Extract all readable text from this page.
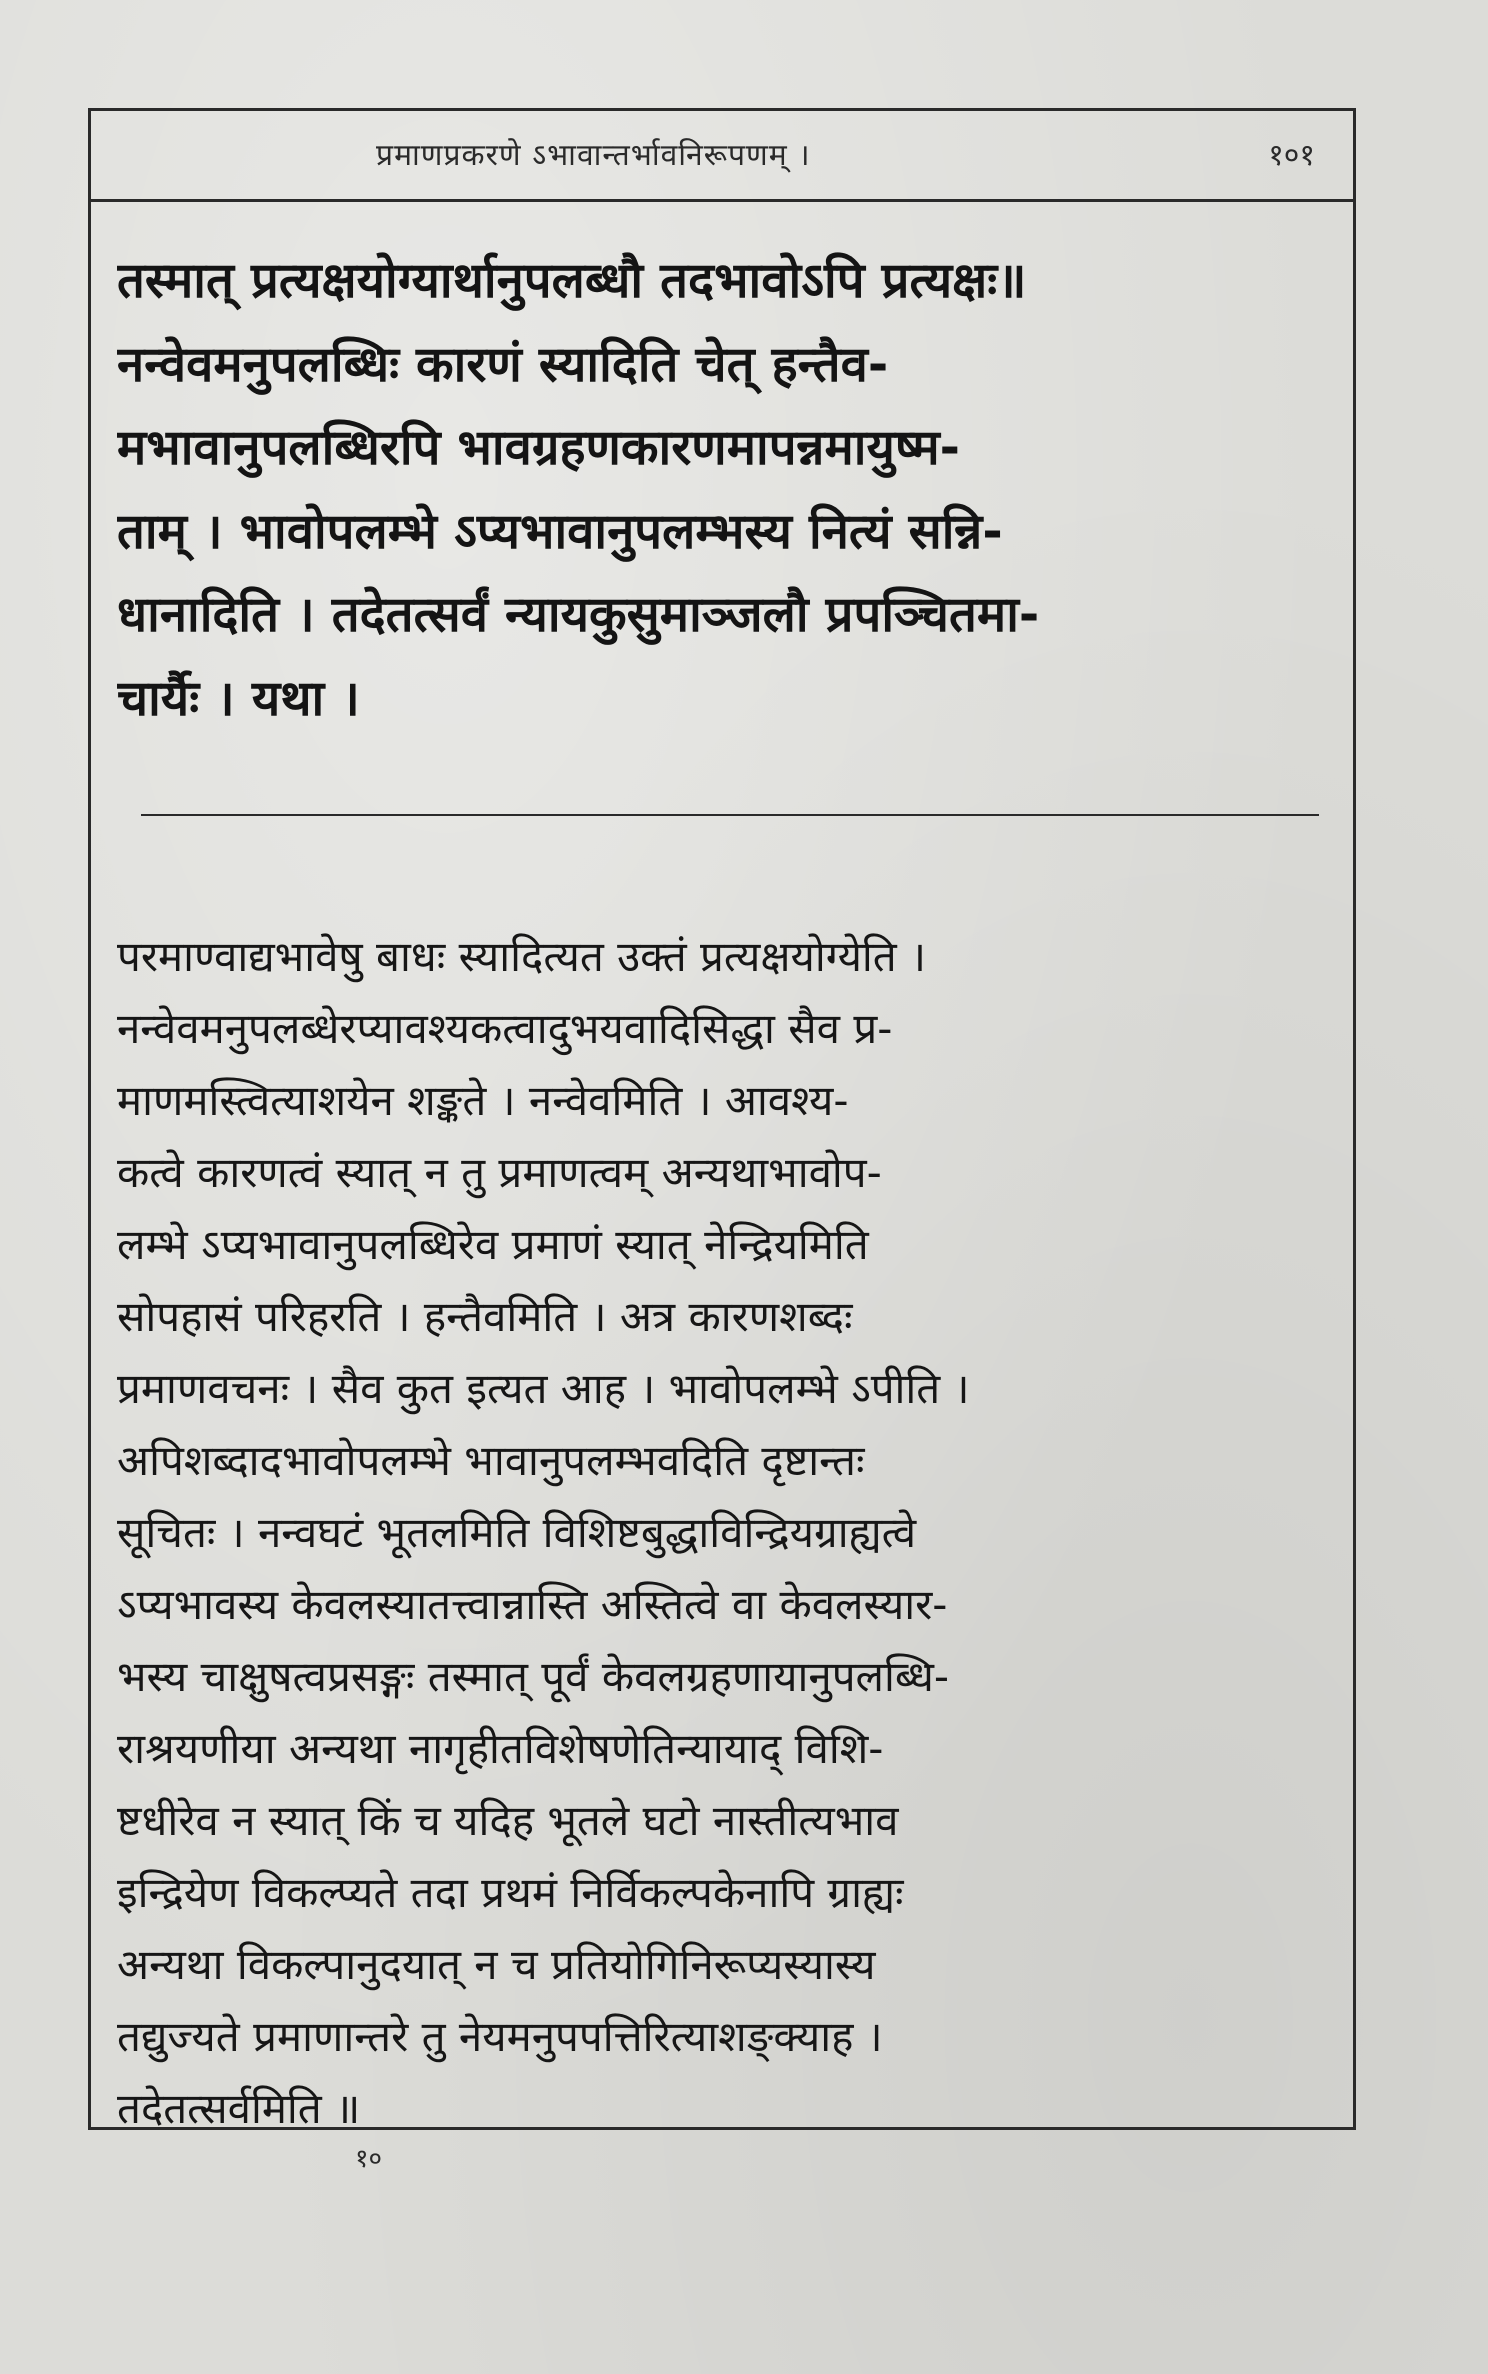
प्रमाणप्रकरणे ऽभावान्तर्भावनिरूपणम् ।	१०१
तस्मात् प्रत्यक्षयोग्यार्थानुपलब्धौ तदभावोऽपि प्रत्यक्षः॥
नन्वेवमनुपलब्धिः कारणं स्यादिति चेत् हन्तैव-
मभावानुपलब्धिरपि भावग्रहणकारणमापन्नमायुष्म-
ताम् । भावोपलम्भे ऽप्यभावानुपलम्भस्य नित्यं सन्नि-
धानादिति । तदेतत्सर्वं न्यायकुसुमाञ्जलौ प्रपञ्चितमा-
चार्यैः । यथा ।
परमाण्वाद्यभावेषु बाधः स्यादित्यत उक्तं प्रत्यक्षयोग्येति ।
नन्वेवमनुपलब्धेरप्यावश्यकत्वादुभयवादिसिद्धा सैव प्र-
माणमस्त्वित्याशयेन शङ्कते । नन्वेवमिति । आवश्य-
कत्वे कारणत्वं स्यात् न तु प्रमाणत्वम् अन्यथाभावोप-
लम्भे ऽप्यभावानुपलब्धिरेव प्रमाणं स्यात् नेन्द्रियमिति
सोपहासं परिहरति । हन्तैवमिति । अत्र कारणशब्दः
प्रमाणवचनः । सैव कुत इत्यत आह । भावोपलम्भे ऽपीति ।
अपिशब्दादभावोपलम्भे भावानुपलम्भवदिति दृष्टान्तः
सूचितः । नन्वघटं भूतलमिति विशिष्टबुद्धाविन्द्रियग्राह्यत्वे
ऽप्यभावस्य केवलस्यातत्त्वान्नास्ति अस्तित्वे वा केवलस्यार-
भस्य चाक्षुषत्वप्रसङ्गः तस्मात् पूर्वं केवलग्रहणायानुपलब्धि-
राश्रयणीया अन्यथा नागृहीतविशेषणेतिन्यायाद् विशि-
ष्टधीरेव न स्यात् किं च यदिह भूतले घटो नास्तीत्यभाव
इन्द्रियेण विकल्प्यते तदा प्रथमं निर्विकल्पकेनापि ग्राह्यः
अन्यथा विकल्पानुदयात् न च प्रतियोगिनिरूप्यस्यास्य
तद्युज्यते प्रमाणान्तरे तु नेयमनुपपत्तिरित्याशङ्क्याह ।
तदेतत्सर्वमिति ॥
१०
